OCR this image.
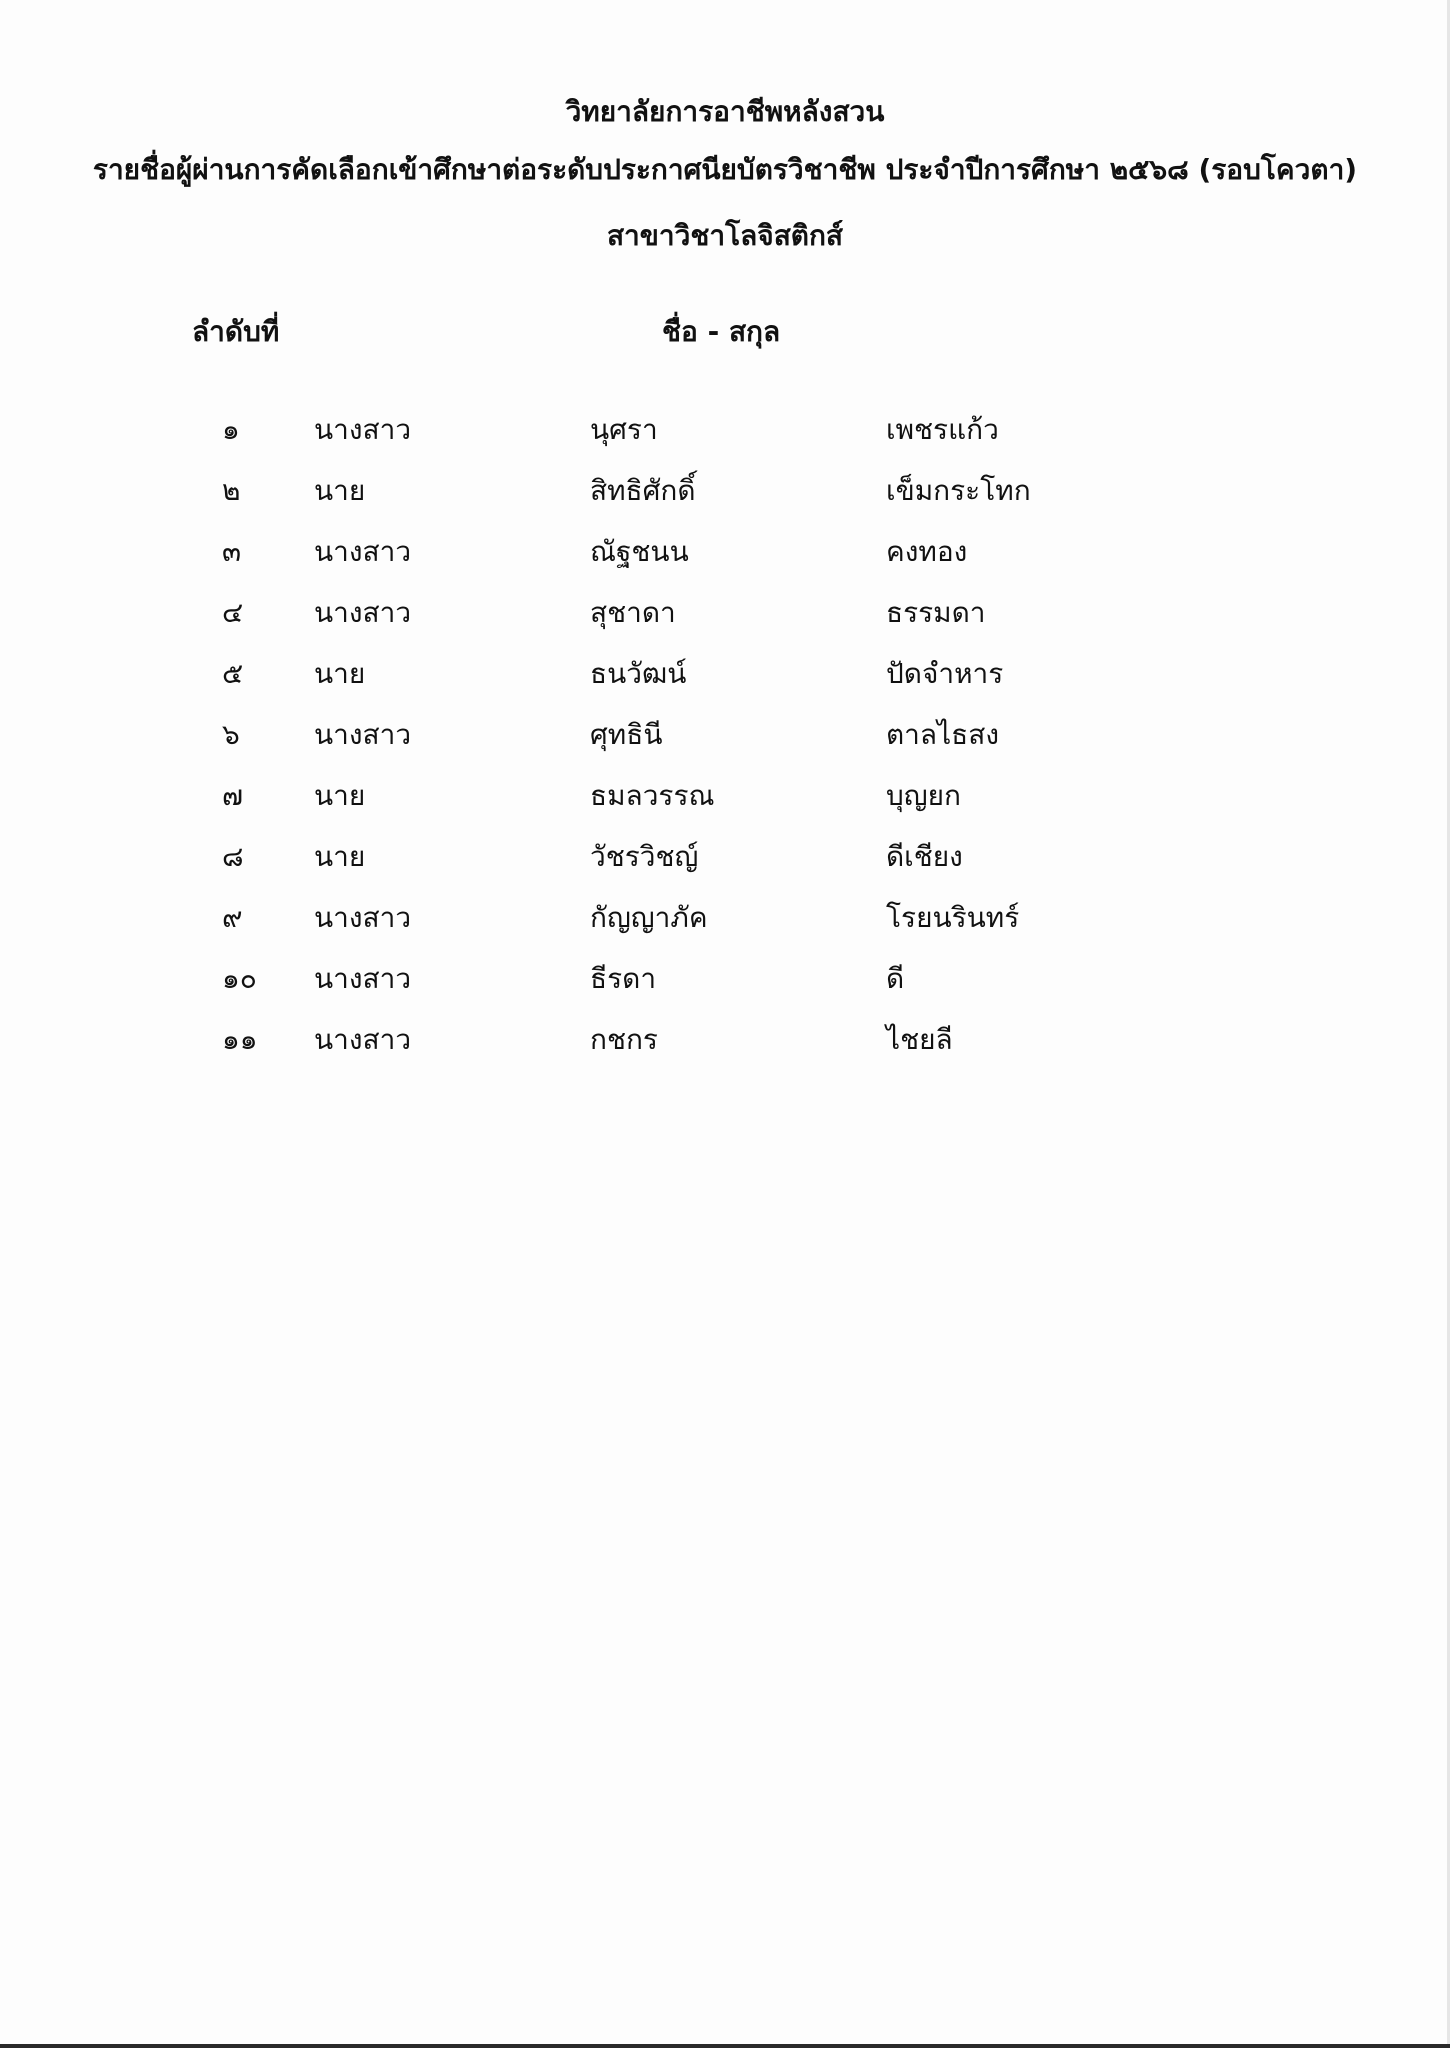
วิทยาลัยการอาชีพหลังสวน
รายชื่อผู้ผ่านการคัดเลือกเข้าศึกษาต่อระดับประกาศนียบัตรวิชาชีพ ประจำปีการศึกษา ๒๕๖๘ (รอบโควตา)
สาขาวิชาโลจิสติกส์
ลำดับที่	ชื่อ - สกุล
๑	นางสาว	นุศรา	เพชรแก้ว
๒	นาย	สิทธิศักดิ์	เข็มกระโทก
๓	นางสาว	ณัฐชนน	คงทอง
๔	นางสาว	สุชาดา	ธรรมดา
๕	นาย	ธนวัฒน์	ปัดจำหาร
๖	นางสาว	ศุทธินี	ตาลไธสง
๗	นาย	ธมลวรรณ	บุญยก
๘	นาย	วัชรวิชญ์	ดีเชียง
๙	นางสาว	กัญญาภัค	โรยนรินทร์
๑๐ นางสาว	ธีรดา	ดี
๑๑ นางสาว	กชกร	ไชยลี
